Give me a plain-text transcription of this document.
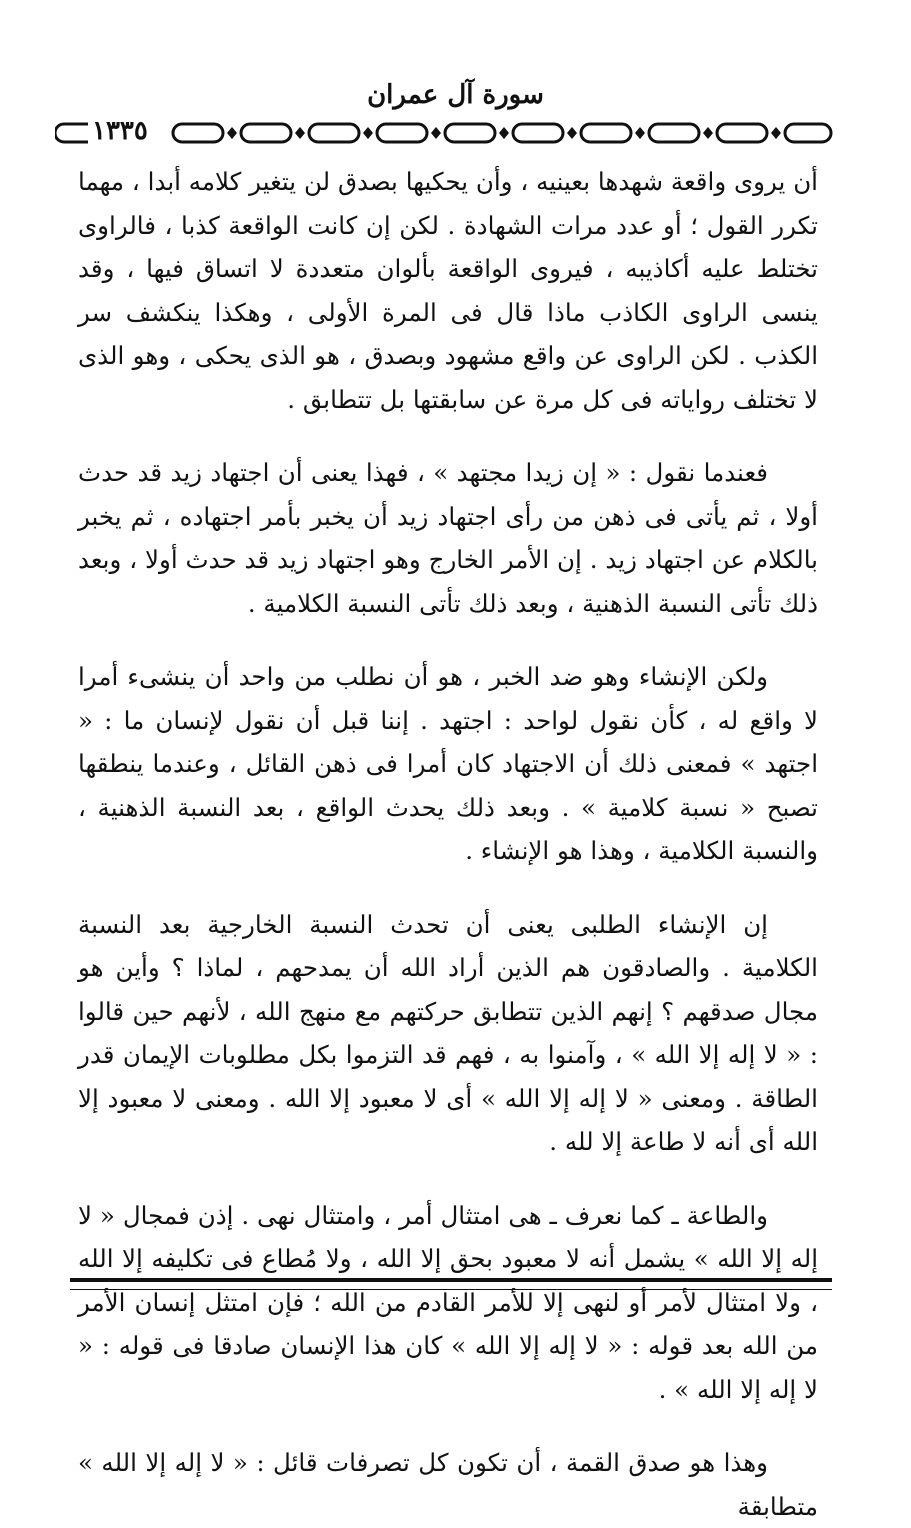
سورة آل عمران
١٣٣٥

أن يروى واقعة شهدها بعينيه ، وأن يحكيها بصدق لن يتغير كلامه أبدا ، مهما تكرر القول ؛ أو عدد مرات الشهادة . لكن إن كانت الواقعة كذبا ، فالراوى تختلط عليه أكاذيبه ، فيروى الواقعة بألوان متعددة لا اتساق فيها ، وقد ينسى الراوى الكاذب ماذا قال فى المرة الأولى ، وهكذا ينكشف سر الكذب . لكن الراوى عن واقع مشهود وبصدق ، هو الذى يحكى ، وهو الذى لا تختلف رواياته فى كل مرة عن سابقتها بل تتطابق .

فعندما نقول : « إن زيدا مجتهد » ، فهذا يعنى أن اجتهاد زيد قد حدث أولا ، ثم يأتى فى ذهن من رأى اجتهاد زيد أن يخبر بأمر اجتهاده ، ثم يخبر بالكلام عن اجتهاد زيد . إن الأمر الخارج وهو اجتهاد زيد قد حدث أولا ، وبعد ذلك تأتى النسبة الذهنية ، وبعد ذلك تأتى النسبة الكلامية .

ولكن الإنشاء وهو ضد الخبر ، هو أن نطلب من واحد أن ينشىء أمرا لا واقع له ، كأن نقول لواحد : اجتهد . إننا قبل أن نقول لإنسان ما : « اجتهد » فمعنى ذلك أن الاجتهاد كان أمرا فى ذهن القائل ، وعندما ينطقها تصبح « نسبة كلامية » . وبعد ذلك يحدث الواقع ، بعد النسبة الذهنية ، والنسبة الكلامية ، وهذا هو الإنشاء .

إن الإنشاء الطلبى يعنى أن تحدث النسبة الخارجية بعد النسبة الكلامية . والصادقون هم الذين أراد الله أن يمدحهم ، لماذا ؟ وأين هو مجال صدقهم ؟ إنهم الذين تتطابق حركتهم مع منهج الله ، لأنهم حين قالوا : « لا إله إلا الله » ، وآمنوا به ، فهم قد التزموا بكل مطلوبات الإيمان قدر الطاقة . ومعنى « لا إله إلا الله » أى لا معبود إلا الله . ومعنى لا معبود إلا الله أى أنه لا طاعة إلا لله .

والطاعة ـ كما نعرف ـ هى امتثال أمر ، وامتثال نهى . إذن فمجال « لا إله إلا الله » يشمل أنه لا معبود بحق إلا الله ، ولا مُطاع فى تكليفه إلا الله ، ولا امتثال لأمر أو لنهى إلا للأمر القادم من الله ؛ فإن امتثل إنسان الأمر من الله بعد قوله : « لا إله إلا الله » كان هذا الإنسان صادقا فى قوله : « لا إله إلا الله » .

وهذا هو صدق القمة ، أن تكون كل تصرفات قائل : « لا إله إلا الله » متطابقة
